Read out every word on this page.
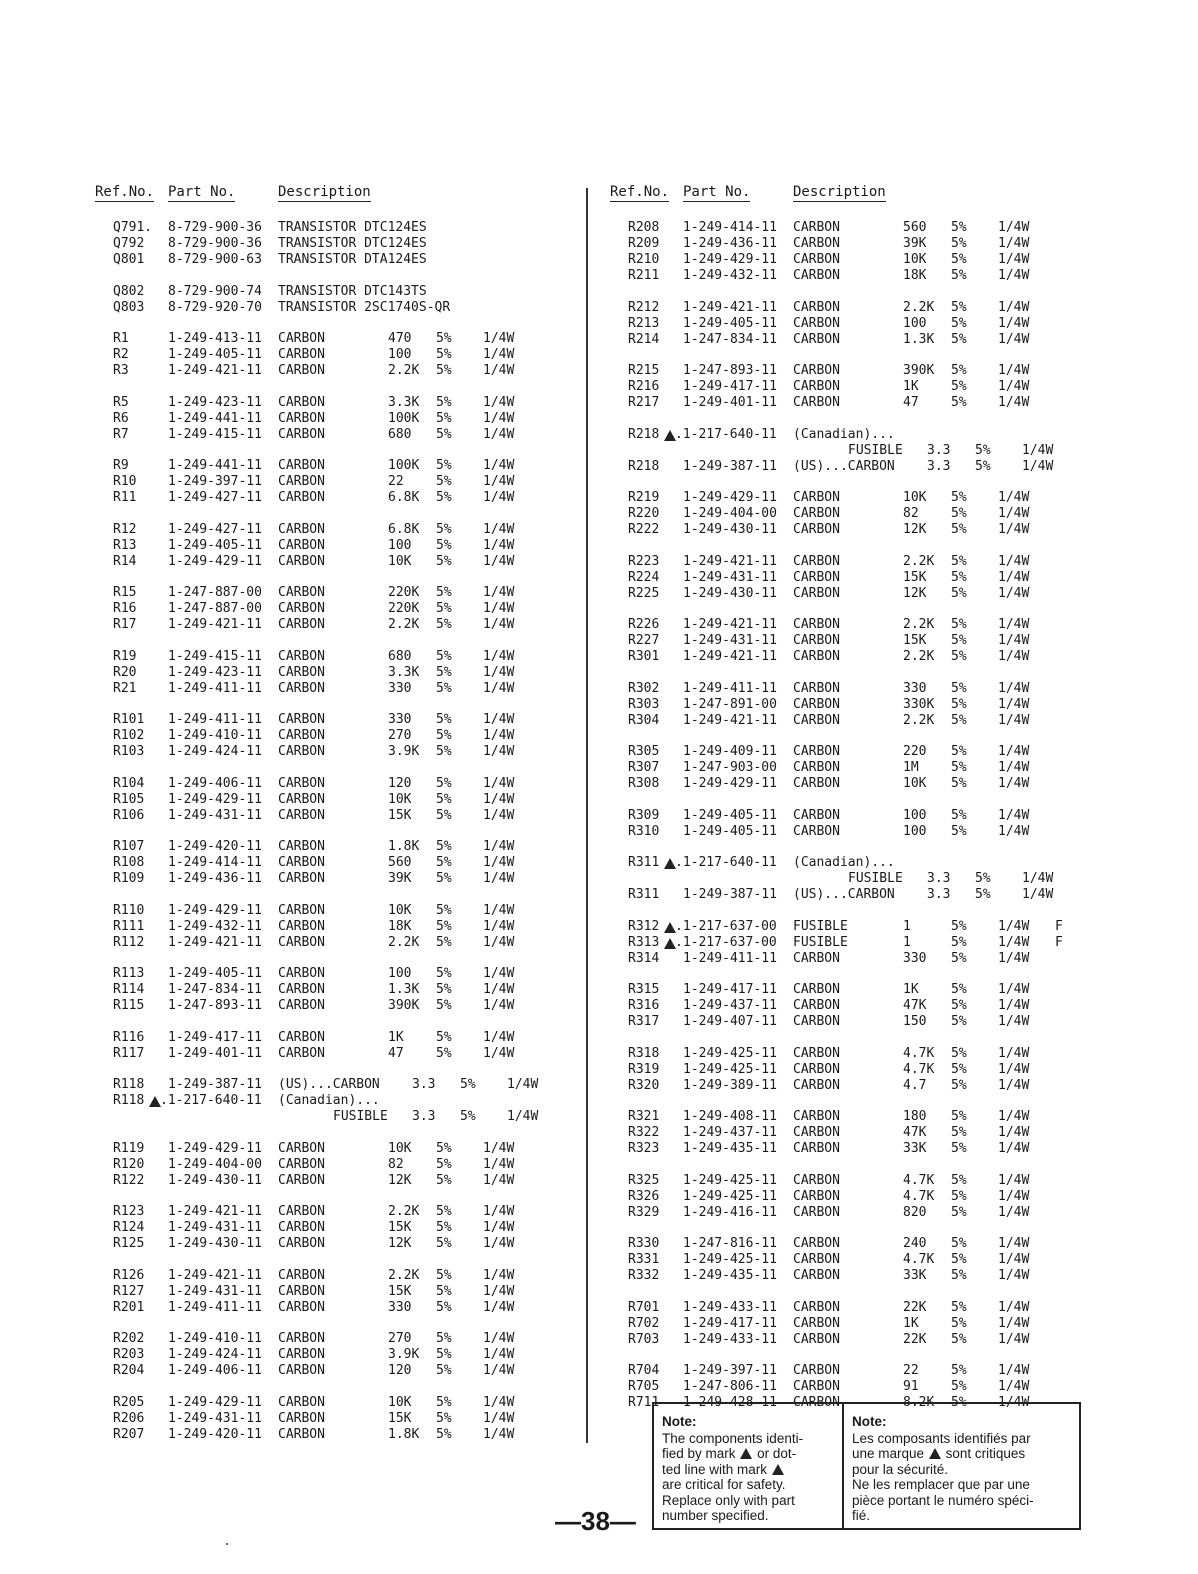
Ref.No. Part No.	Description
Q791. 8-729-900-36 TRANSISTOR DTC124ES
Q792 8-729-900-36 TRANSISTOR DTC124ES
Q801 8-729-900-63 TRANSISTOR DTA124ES
Q802 8-729-900-74 TRANSISTOR DTC143TS
Q803 8-729-920-70 TRANSISTOR 2SC1740S-QR
R1	1-249-413-11 CARBON	470 5% 1/4W
R2	1-249-405-11 CARBON	100 5% 1/4W
R3	1-249-421-11 CARBON	2.2K 5% 1/4W
R5	1-249-423-11 CARBON	3.3K 5% 1/4W
R6	1-249-441-11 CARBON	100K 5% 1/4W
R7	1-249-415-11 CARBON	680 5% 1/4W
R9	1-249-441-11 CARBON	100K 5% 1/4W
R10 1-249-397-11 CARBON	22 5% 1/4W
R11 1-249-427-11 CARBON	6.8K 5% 1/4W
R12 1-249-427-11 CARBON	6.8K 5% 1/4W
R13 1-249-405-11 CARBON	100 5% 1/4W
R14 1-249-429-11 CARBON	10K 5% 1/4W
R15 1-247-887-00 CARBON	220K 5% 1/4W
R16 1-247-887-00 CARBON	220K 5% 1/4W
R17 1-249-421-11 CARBON	2.2K 5% 1/4W
R19 1-249-415-11 CARBON	680 5% 1/4W
R20 1-249-423-11 CARBON	3.3K 5% 1/4W
R21 1-249-411-11 CARBON	330 5% 1/4W
R101 1-249-411-11 CARBON	330 5% 1/4W
R102 1-249-410-11 CARBON	270 5% 1/4W
R103 1-249-424-11 CARBON	3.9K 5% 1/4W
R104 1-249-406-11 CARBON	120 5% 1/4W
R105 1-249-429-11 CARBON	10K 5% 1/4W
R106 1-249-431-11 CARBON	15K 5% 1/4W
R107 1-249-420-11 CARBON	1.8K 5% 1/4W
R108 1-249-414-11 CARBON	560 5% 1/4W
R109 1-249-436-11 CARBON	39K 5% 1/4W
R110 1-249-429-11 CARBON	10K 5% 1/4W
R111 1-249-432-11 CARBON	18K 5% 1/4W
R112 1-249-421-11 CARBON	2.2K 5% 1/4W
R113 1-249-405-11 CARBON	100 5% 1/4W
R114 1-247-834-11 CARBON	1.3K 5% 1/4W
R115 1-247-893-11 CARBON	390K 5% 1/4W
R116 1-249-417-11 CARBON	1K 5% 1/4W
R117 1-249-401-11 CARBON	47 5% 1/4W
R118 1-249-387-11 (US)...CARBON 3.3 5% 1/4W
R118 .1-217-640-11 (Canadian)...
FUSIBLE 3.3 5% 1/4W
R119 1-249-429-11 CARBON	10K 5% 1/4W
R120 1-249-404-00 CARBON	82 5% 1/4W
R122 1-249-430-11 CARBON	12K 5% 1/4W
R123 1-249-421-11 CARBON	2.2K 5% 1/4W
R124 1-249-431-11 CARBON	15K 5% 1/4W
R125 1-249-430-11 CARBON	12K 5% 1/4W
R126 1-249-421-11 CARBON	2.2K 5% 1/4W
R127 1-249-431-11 CARBON	15K 5% 1/4W
R201 1-249-411-11 CARBON	330 5% 1/4W
R202 1-249-410-11 CARBON	270 5% 1/4W
R203 1-249-424-11 CARBON	3.9K 5% 1/4W
R204 1-249-406-11 CARBON	120 5% 1/4W
R205 1-249-429-11 CARBON	10K 5% 1/4W
R206 1-249-431-11 CARBON	15K 5% 1/4W
R207 1-249-420-11 CARBON	1.8K 5% 1/4W
Ref.No. Part No.	Description
R208 1-249-414-11 CARBON	560 5% 1/4W
R209 1-249-436-11 CARBON	39K 5% 1/4W
R210 1-249-429-11 CARBON	10K 5% 1/4W
R211 1-249-432-11 CARBON	18K 5% 1/4W
R212 1-249-421-11 CARBON	2.2K 5% 1/4W
R213 1-249-405-11 CARBON	100 5% 1/4W
R214 1-247-834-11 CARBON	1.3K 5% 1/4W
R215 1-247-893-11 CARBON	390K 5% 1/4W
R216 1-249-417-11 CARBON	1K 5% 1/4W
R217 1-249-401-11 CARBON	47 5% 1/4W
R218 .1-217-640-11 (Canadian)...
FUSIBLE 3.3 5% 1/4W
R218 1-249-387-11 (US)...CARBON 3.3 5% 1/4W
R219 1-249-429-11 CARBON	10K 5% 1/4W
R220 1-249-404-00 CARBON	82 5% 1/4W
R222 1-249-430-11 CARBON	12K 5% 1/4W
R223 1-249-421-11 CARBON	2.2K 5% 1/4W
R224 1-249-431-11 CARBON	15K 5% 1/4W
R225 1-249-430-11 CARBON	12K 5% 1/4W
R226 1-249-421-11 CARBON	2.2K 5% 1/4W
R227 1-249-431-11 CARBON	15K 5% 1/4W
R301 1-249-421-11 CARBON	2.2K 5% 1/4W
R302 1-249-411-11 CARBON	330 5% 1/4W
R303 1-247-891-00 CARBON	330K 5% 1/4W
R304 1-249-421-11 CARBON	2.2K 5% 1/4W
R305 1-249-409-11 CARBON	220 5% 1/4W
R307 1-247-903-00 CARBON	1M 5% 1/4W
R308 1-249-429-11 CARBON	10K 5% 1/4W
R309 1-249-405-11 CARBON	100 5% 1/4W
R310 1-249-405-11 CARBON	100 5% 1/4W
R311 .1-217-640-11 (Canadian)...
FUSIBLE 3.3 5% 1/4W
R311 1-249-387-11 (US)...CARBON 3.3 5% 1/4W
R312 .1-217-637-00 FUSIBLE	1	5% 1/4W F
R313 .1-217-637-00 FUSIBLE	1	5% 1/4W F
R314 1-249-411-11 CARBON	330 5% 1/4W
R315 1-249-417-11 CARBON	1K 5% 1/4W
R316 1-249-437-11 CARBON	47K 5% 1/4W
R317 1-249-407-11 CARBON	150 5% 1/4W
R318 1-249-425-11 CARBON	4.7K 5% 1/4W
R319 1-249-425-11 CARBON	4.7K 5% 1/4W
R320 1-249-389-11 CARBON	4.7 5% 1/4W
R321 1-249-408-11 CARBON	180 5% 1/4W
R322 1-249-437-11 CARBON	47K 5% 1/4W
R323 1-249-435-11 CARBON	33K 5% 1/4W
R325 1-249-425-11 CARBON	4.7K 5% 1/4W
R326 1-249-425-11 CARBON	4.7K 5% 1/4W
R329 1-249-416-11 CARBON	820 5% 1/4W
R330 1-247-816-11 CARBON	240 5% 1/4W
R331 1-249-425-11 CARBON	4.7K 5% 1/4W
R332 1-249-435-11 CARBON	33K 5% 1/4W
R701 1-249-433-11 CARBON	22K 5% 1/4W
R702 1-249-417-11 CARBON	1K 5% 1/4W
R703 1-249-433-11 CARBON	22K 5% 1/4W
R704 1-249-397-11 CARBON	22 5% 1/4W
R705 1-247-806-11 CARBON	91 5% 1/4W
R711 1-249-428-11 CARBON	8.2K 5% 1/4W
Note:
The components identi-
fied by mark or dot-
ted line with mark
are critical for safety.
Replace only with part
number specified.
Note:
Les composants identifiés par
une marque sont critiques
pour la sécurité.
Ne les remplacer que par une
pièce portant le numéro spéci-
fié.
—38—
